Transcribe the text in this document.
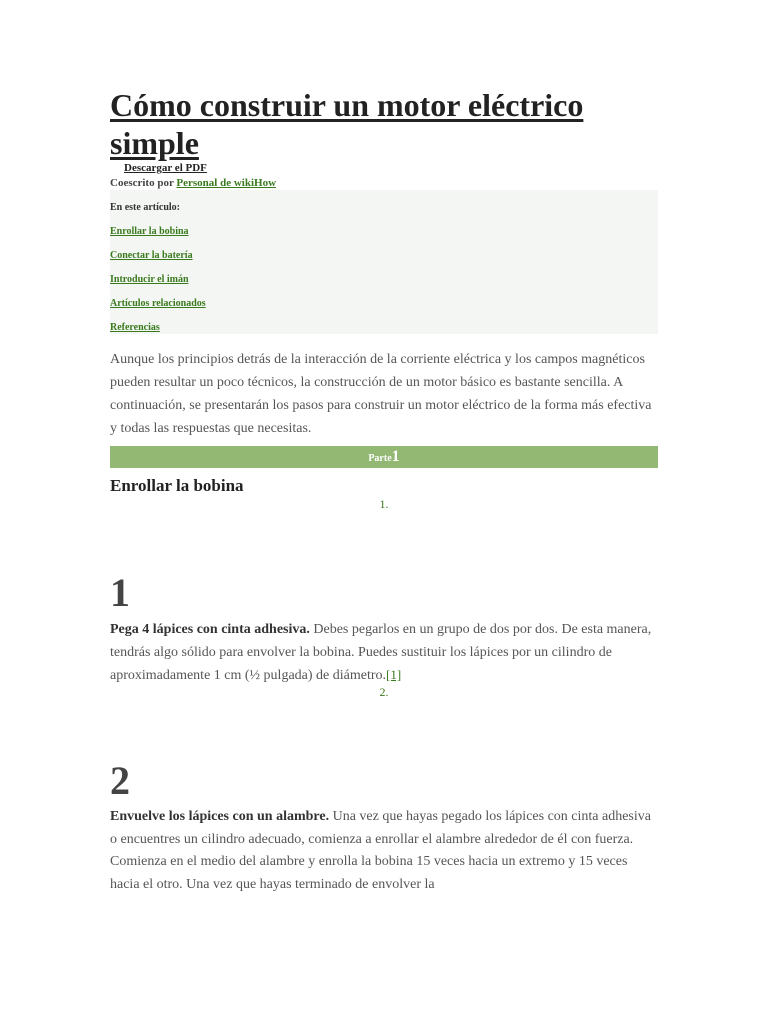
Cómo construir un motor eléctrico simple
Descargar el PDF
Coescrito por Personal de wikiHow
En este artículo:
Enrollar la bobina
Conectar la batería
Introducir el imán
Artículos relacionados
Referencias

Aunque los principios detrás de la interacción de la corriente eléctrica y los campos magnéticos pueden resultar un poco técnicos, la construcción de un motor básico es bastante sencilla. A continuación, se presentarán los pasos para construir un motor eléctrico de la forma más efectiva y todas las respuestas que necesitas.

Parte1
Enrollar la bobina
1.
1

Pega 4 lápices con cinta adhesiva. Debes pegarlos en un grupo de dos por dos. De esta manera, tendrás algo sólido para envolver la bobina. Puedes sustituir los lápices por un cilindro de aproximadamente 1 cm (½ pulgada) de diámetro.[1]

2.
2

Envuelve los lápices con un alambre. Una vez que hayas pegado los lápices con cinta adhesiva o encuentres un cilindro adecuado, comienza a enrollar el alambre alrededor de él con fuerza. Comienza en el medio del alambre y enrolla la bobina 15 veces hacia un extremo y 15 veces hacia el otro. Una vez que hayas terminado de envolver la
